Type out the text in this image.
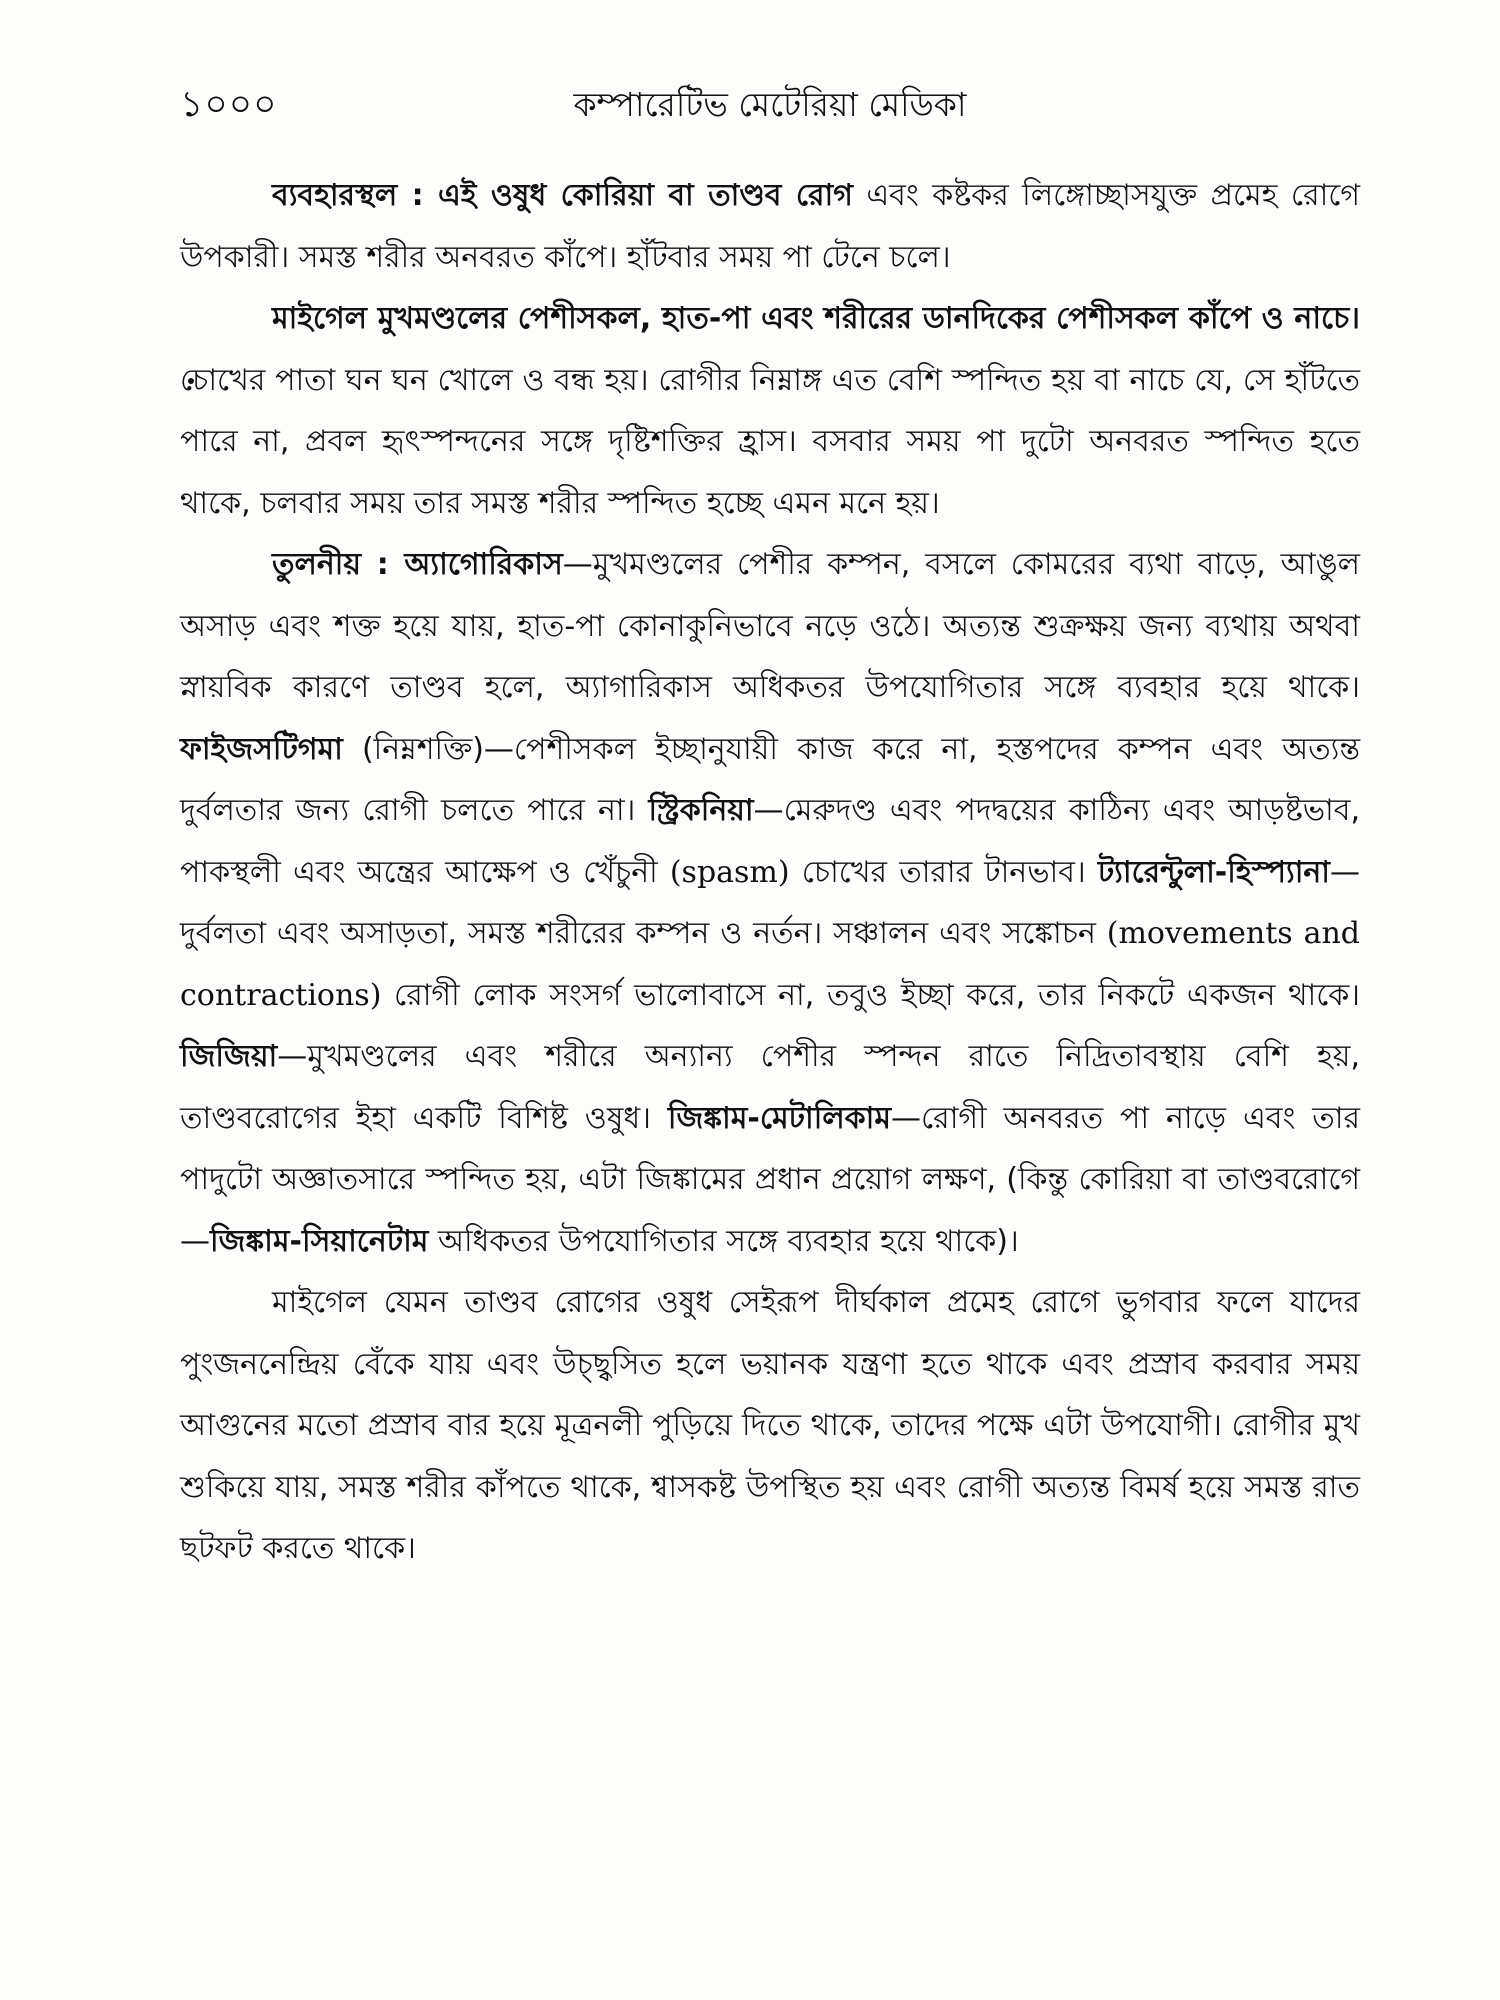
১০০০	কম্পারেটিভ মেটেরিয়া মেডিকা

ব্যবহারস্থল : এই ওষুধ কোরিয়া বা তাণ্ডব রোগ এবং কষ্টকর লিঙ্গোচ্ছাসযুক্ত প্রমেহ রোগে উপকারী। সমস্ত শরীর অনবরত কাঁপে। হাঁটবার সময় পা টেনে চলে।

মাইগেল মুখমণ্ডলের পেশীসকল, হাত-পা এবং শরীরের ডানদিকের পেশীসকল কাঁপে ও নাচে। চোখের পাতা ঘন ঘন খোলে ও বন্ধ হয়। রোগীর নিম্নাঙ্গ এত বেশি স্পন্দিত হয় বা নাচে যে, সে হাঁটতে পারে না, প্রবল হৃৎস্পন্দনের সঙ্গে দৃষ্টিশক্তির হ্রাস। বসবার সময় পা দুটো অনবরত স্পন্দিত হতে থাকে, চলবার সময় তার সমস্ত শরীর স্পন্দিত হচ্ছে এমন মনে হয়।

তুলনীয় : অ্যাগোরিকাস—মুখমণ্ডলের পেশীর কম্পন, বসলে কোমরের ব্যথা বাড়ে, আঙুল অসাড় এবং শক্ত হয়ে যায়, হাত-পা কোনাকুনিভাবে নড়ে ওঠে। অত্যন্ত শুক্রক্ষয় জন্য ব্যথায় অথবা স্নায়বিক কারণে তাণ্ডব হলে, অ্যাগারিকাস অধিকতর উপযোগিতার সঙ্গে ব্যবহার হয়ে থাকে। ফাইজসটিগমা (নিম্নশক্তি)—পেশীসকল ইচ্ছানুযায়ী কাজ করে না, হস্তপদের কম্পন এবং অত্যন্ত দুর্বলতার জন্য রোগী চলতে পারে না। স্ট্রিকনিয়া—মেরুদণ্ড এবং পদদ্বয়ের কাঠিন্য এবং আড়ষ্টভাব, পাকস্থলী এবং অন্ত্রের আক্ষেপ ও খেঁচুনী (spasm) চোখের তারার টানভাব। ট্যারেন্টুলা-হিস্প্যানা—দুর্বলতা এবং অসাড়তা, সমস্ত শরীরের কম্পন ও নর্তন। সঞ্চালন এবং সঙ্কোচন (movements and contractions) রোগী লোক সংসর্গ ভালোবাসে না, তবুও ইচ্ছা করে, তার নিকটে একজন থাকে। জিজিয়া—মুখমণ্ডলের এবং শরীরে অন্যান্য পেশীর স্পন্দন রাতে নিদ্রিতাবস্থায় বেশি হয়, তাণ্ডবরোগের ইহা একটি বিশিষ্ট ওষুধ। জিঙ্কাম-মেটালিকাম—রোগী অনবরত পা নাড়ে এবং তার পাদুটো অজ্ঞাতসারে স্পন্দিত হয়, এটা জিঙ্কামের প্রধান প্রয়োগ লক্ষণ, (কিন্তু কোরিয়া বা তাণ্ডবরোগে —জিঙ্কাম-সিয়ানেটাম অধিকতর উপযোগিতার সঙ্গে ব্যবহার হয়ে থাকে)।

মাইগেল যেমন তাণ্ডব রোগের ওষুধ সেইরূপ দীর্ঘকাল প্রমেহ রোগে ভুগবার ফলে যাদের পুংজননেন্দ্রিয় বেঁকে যায় এবং উচ্ছ্বসিত হলে ভয়ানক যন্ত্রণা হতে থাকে এবং প্রস্রাব করবার সময় আগুনের মতো প্রস্রাব বার হয়ে মূত্রনলী পুড়িয়ে দিতে থাকে, তাদের পক্ষে এটা উপযোগী। রোগীর মুখ শুকিয়ে যায়, সমস্ত শরীর কাঁপতে থাকে, শ্বাসকষ্ট উপস্থিত হয় এবং রোগী অত্যন্ত বিমর্ষ হয়ে সমস্ত রাত ছটফট করতে থাকে।
